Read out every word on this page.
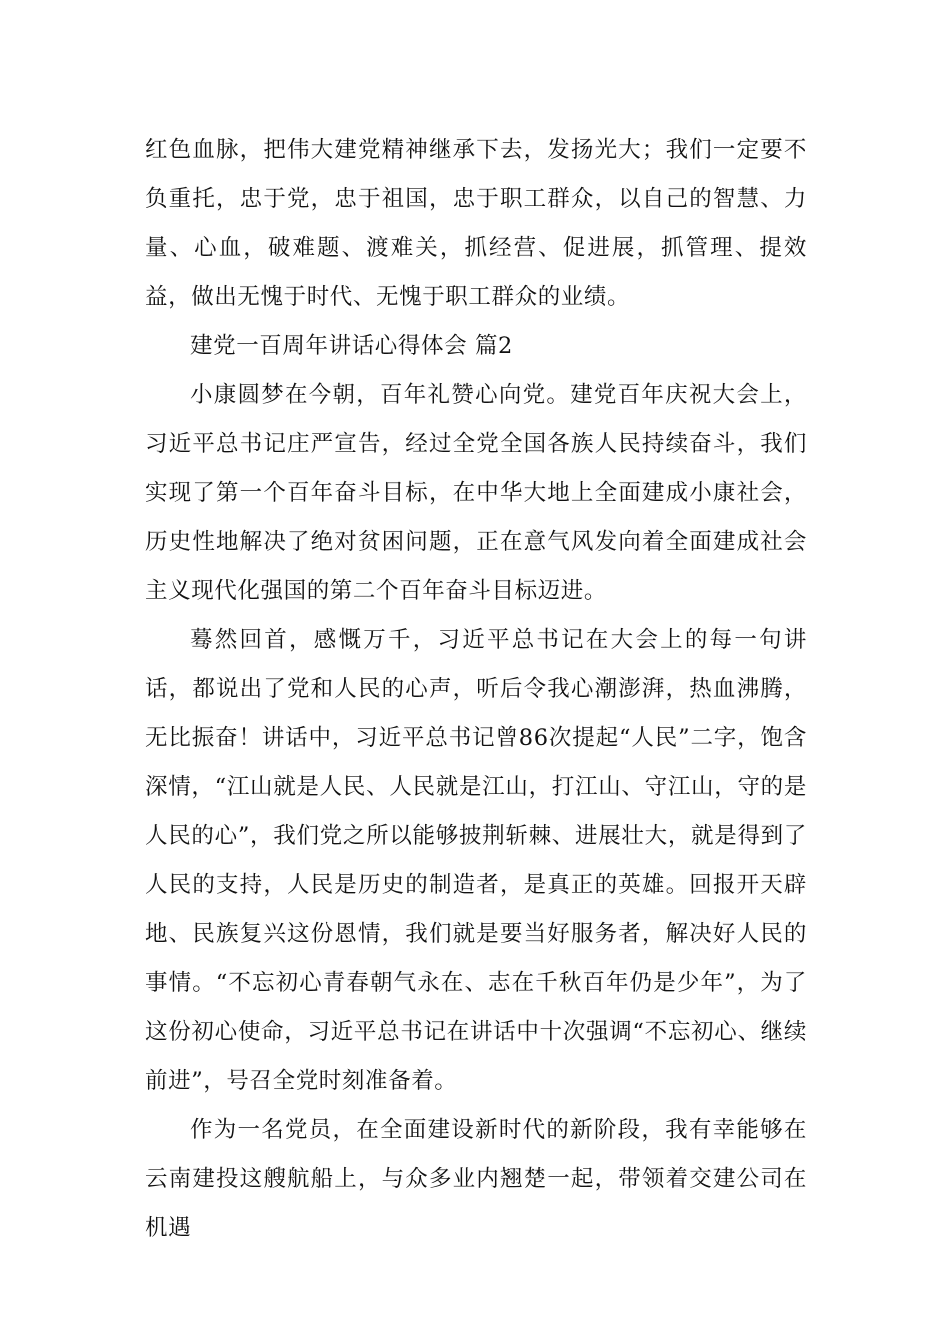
红色血脉，把伟大建党精神继承下去，发扬光大；我们一定要不负重托，忠于党，忠于祖国，忠于职工群众，以自己的智慧、力量、心血，破难题、渡难关，抓经营、促进展，抓管理、提效益，做出无愧于时代、无愧于职工群众的业绩。

建党一百周年讲话心得体会 篇2

小康圆梦在今朝，百年礼赞心向党。建党百年庆祝大会上，习近平总书记庄严宣告，经过全党全国各族人民持续奋斗，我们实现了第一个百年奋斗目标，在中华大地上全面建成小康社会，历史性地解决了绝对贫困问题，正在意气风发向着全面建成社会主义现代化强国的第二个百年奋斗目标迈进。

蓦然回首，感慨万千，习近平总书记在大会上的每一句讲话，都说出了党和人民的心声，听后令我心潮澎湃，热血沸腾，无比振奋！讲话中，习近平总书记曾86次提起“人民”二字，饱含深情，“江山就是人民、人民就是江山，打江山、守江山，守的是人民的心”，我们党之所以能够披荆斩棘、进展壮大，就是得到了人民的支持，人民是历史的制造者，是真正的英雄。回报开天辟地、民族复兴这份恩情，我们就是要当好服务者，解决好人民的事情。“不忘初心青春朝气永在、志在千秋百年仍是少年”，为了这份初心使命，习近平总书记在讲话中十次强调“不忘初心、继续前进”，号召全党时刻准备着。

作为一名党员，在全面建设新时代的新阶段，我有幸能够在云南建投这艘航船上，与众多业内翘楚一起，带领着交建公司在机遇
